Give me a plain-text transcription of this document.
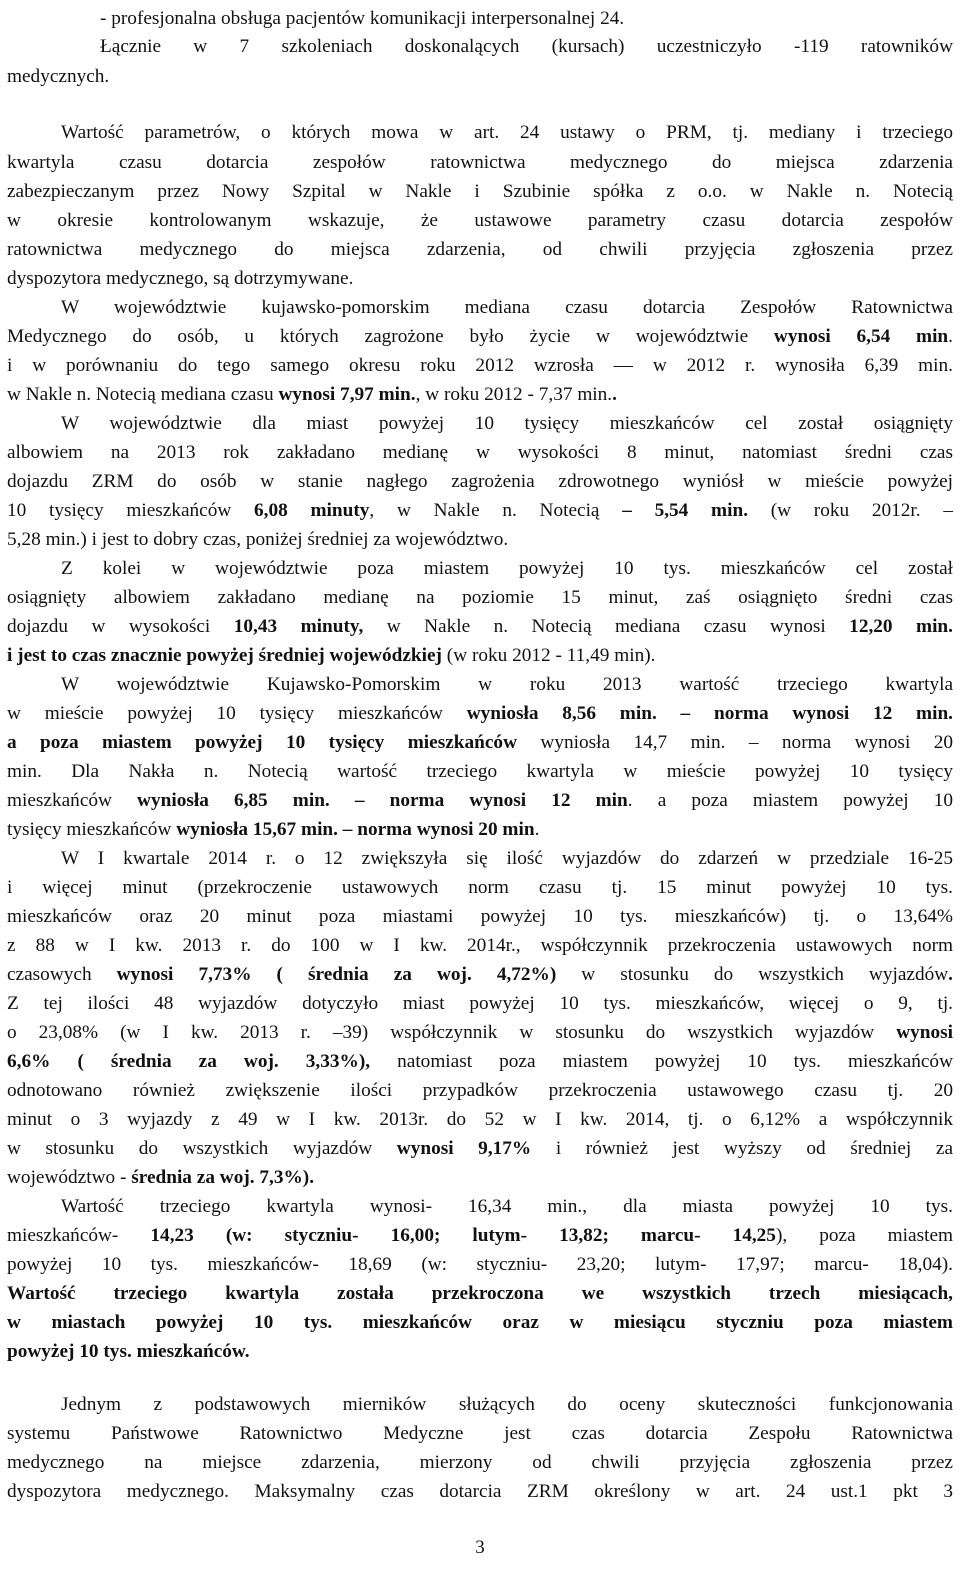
- profesjonalna obsługa pacjentów komunikacji interpersonalnej 24.
Łącznie w 7 szkoleniach doskonalących (kursach) uczestniczyło -119 ratowników
medycznych.
Wartość parametrów, o których mowa w art. 24 ustawy o PRM, tj. mediany i trzeciego
kwartyla czasu dotarcia zespołów ratownictwa medycznego do miejsca zdarzenia
zabezpieczanym przez Nowy Szpital w Nakle i Szubinie spółka z o.o. w Nakle n. Notecią
w okresie kontrolowanym wskazuje, że ustawowe parametry czasu dotarcia zespołów
ratownictwa medycznego do miejsca zdarzenia, od chwili przyjęcia zgłoszenia przez
dyspozytora medycznego, są dotrzymywane.
W województwie kujawsko-pomorskim mediana czasu dotarcia Zespołów Ratownictwa
Medycznego do osób, u których zagrożone było życie w województwie wynosi 6,54 min.
i w porównaniu do tego samego okresu roku 2012 wzrosła — w 2012 r. wynosiła 6,39 min.
w Nakle n. Notecią mediana czasu wynosi 7,97 min., w roku 2012 - 7,37 min..
W województwie dla miast powyżej 10 tysięcy mieszkańców cel został osiągnięty
albowiem na 2013 rok zakładano medianę w wysokości 8 minut, natomiast średni czas
dojazdu ZRM do osób w stanie nagłego zagrożenia zdrowotnego wyniósł w mieście powyżej
10 tysięcy mieszkańców 6,08 minuty, w Nakle n. Notecią – 5,54 min. (w roku 2012r. –
5,28 min.) i jest to dobry czas, poniżej średniej za województwo.
Z kolei w województwie poza miastem powyżej 10 tys. mieszkańców cel został
osiągnięty albowiem zakładano medianę na poziomie 15 minut, zaś osiągnięto średni czas
dojazdu w wysokości 10,43 minuty, w Nakle n. Notecią mediana czasu wynosi 12,20 min.
i jest to czas znacznie powyżej średniej wojewódzkiej (w roku 2012 - 11,49 min).
W województwie Kujawsko-Pomorskim w roku 2013 wartość trzeciego kwartyla
w mieście powyżej 10 tysięcy mieszkańców wyniosła 8,56 min. – norma wynosi 12 min.
a poza miastem powyżej 10 tysięcy mieszkańców wyniosła 14,7 min. – norma wynosi 20
min. Dla Nakła n. Notecią wartość trzeciego kwartyla w mieście powyżej 10 tysięcy
mieszkańców wyniosła 6,85 min. – norma wynosi 12 min. a poza miastem powyżej 10
tysięcy mieszkańców wyniosła 15,67 min. – norma wynosi 20 min.
W I kwartale 2014 r. o 12 zwiększyła się ilość wyjazdów do zdarzeń w przedziale 16-25
i więcej minut (przekroczenie ustawowych norm czasu tj. 15 minut powyżej 10 tys.
mieszkańców oraz 20 minut poza miastami powyżej 10 tys. mieszkańców) tj. o 13,64%
z 88 w I kw. 2013 r. do 100 w I kw. 2014r., współczynnik przekroczenia ustawowych norm
czasowych wynosi 7,73% ( średnia za woj. 4,72%) w stosunku do wszystkich wyjazdów.
Z tej ilości 48 wyjazdów dotyczyło miast powyżej 10 tys. mieszkańców, więcej o 9, tj.
o 23,08% (w I kw. 2013 r. –39) współczynnik w stosunku do wszystkich wyjazdów wynosi
6,6% ( średnia za woj. 3,33%), natomiast poza miastem powyżej 10 tys. mieszkańców
odnotowano również zwiększenie ilości przypadków przekroczenia ustawowego czasu tj. 20
minut o 3 wyjazdy z 49 w I kw. 2013r. do 52 w I kw. 2014, tj. o 6,12% a współczynnik
w stosunku do wszystkich wyjazdów wynosi 9,17% i również jest wyższy od średniej za
województwo - średnia za woj. 7,3%).
Wartość trzeciego kwartyla wynosi- 16,34 min., dla miasta powyżej 10 tys.
mieszkańców- 14,23 (w: styczniu- 16,00; lutym- 13,82; marcu- 14,25), poza miastem
powyżej 10 tys. mieszkańców- 18,69 (w: styczniu- 23,20; lutym- 17,97; marcu- 18,04).
Wartość trzeciego kwartyla została przekroczona we wszystkich trzech miesiącach,
w miastach powyżej 10 tys. mieszkańców oraz w miesiącu styczniu poza miastem
powyżej 10 tys. mieszkańców.
Jednym z podstawowych mierników służących do oceny skuteczności funkcjonowania
systemu Państwowe Ratownictwo Medyczne jest czas dotarcia Zespołu Ratownictwa
medycznego na miejsce zdarzenia, mierzony od chwili przyjęcia zgłoszenia przez
dyspozytora medycznego. Maksymalny czas dotarcia ZRM określony w art. 24 ust.1 pkt 3
3
